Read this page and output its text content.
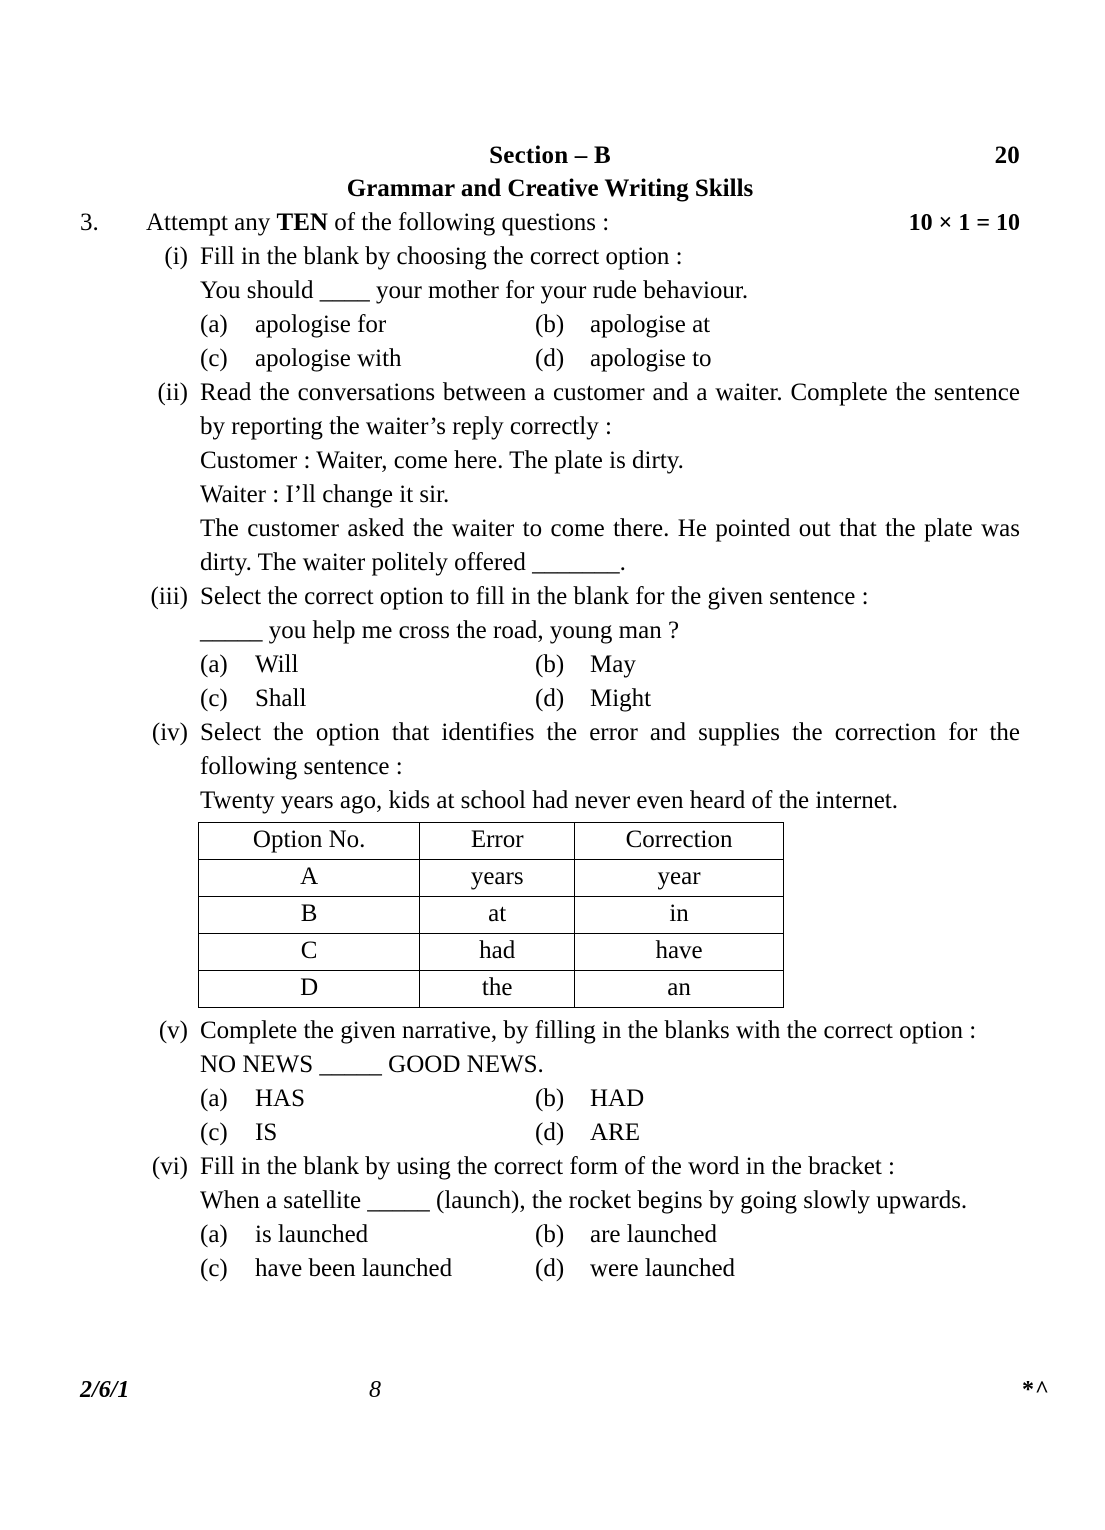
Section – B	20
Grammar and Creative Writing Skills
3.	Attempt any TEN of the following questions :	10 × 1 = 10
(i) Fill in the blank by choosing the correct option :
You should ____ your mother for your rude behaviour.
(a) apologise for	(b) apologise at
(c) apologise with	(d) apologise to
(ii) Read the conversations between a customer and a waiter. Complete the sentence by reporting the waiter’s reply correctly :
Customer : Waiter, come here. The plate is dirty.
Waiter : I’ll change it sir.
The customer asked the waiter to come there. He pointed out that the plate was dirty. The waiter politely offered _______.
(iii) Select the correct option to fill in the blank for the given sentence :
_____ you help me cross the road, young man ?
(a) Will	(b) May
(c) Shall	(d) Might
(iv) Select the option that identifies the error and supplies the correction for the following sentence :
Twenty years ago, kids at school had never even heard of the internet.
Option No.	Error	Correction
A	years	year
B	at	in
C	had	have
D	the	an
(v) Complete the given narrative, by filling in the blanks with the correct option :
NO NEWS _____ GOOD NEWS.
(a) HAS	(b) HAD
(c) IS	(d) ARE
(vi) Fill in the blank by using the correct form of the word in the bracket :
When a satellite _____ (launch), the rocket begins by going slowly upwards.
(a) is launched	(b) are launched
(c) have been launched	(d) were launched
2/6/1	8	*^
